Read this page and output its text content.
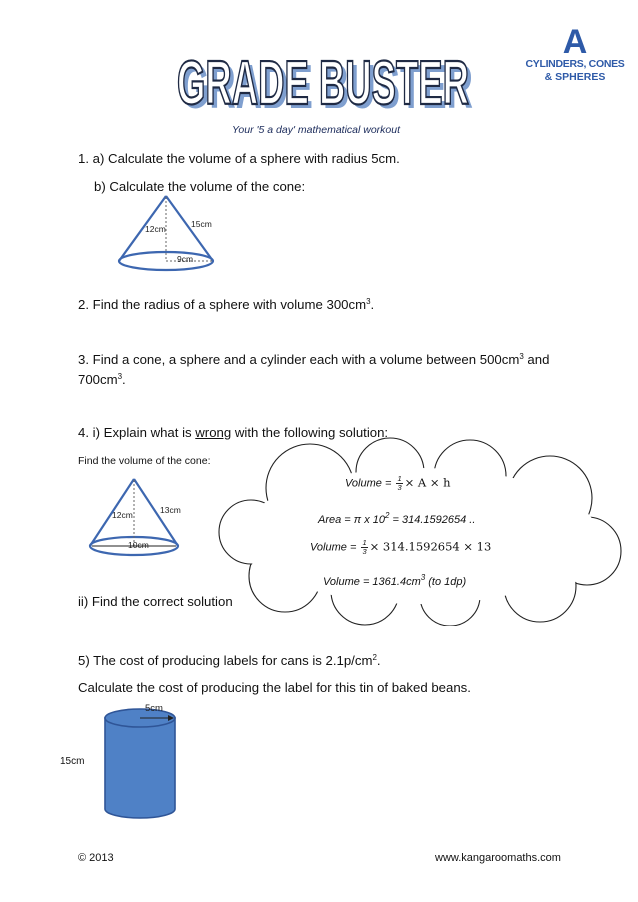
GRADE BUSTER
GRADE BUSTER
Your '5 a day' mathematical workout
A
CYLINDERS, CONES
& SPHERES
1. a) Calculate the volume of a sphere with radius 5cm.
b) Calculate the volume of the cone:
12cm	15cm
9cm
2. Find the radius of a sphere with volume $300cm^3$.
3. Find a cone, a sphere and a cylinder each with a volume between $500cm^3$ and
$700cm^3$.
4. i) Explain what is wrong with the following solution:
Find the volume of the cone:
12cm	13cm
10cm
Volume = $\frac{1}{3} \times A \times h$
Area = π x $10^2 = 314.1592654$ ..
Volume = $\frac{1}{3} \times 314.1592654 \times 13$
Volume = $1361.4cm^3$ (to 1dp)
ii) Find the correct solution
5) The cost of producing labels for cans is $2.1p/cm^2$.
Calculate the cost of producing the label for this tin of baked beans.
5cm
15cm
© 2013	www.kangaroomaths.com
